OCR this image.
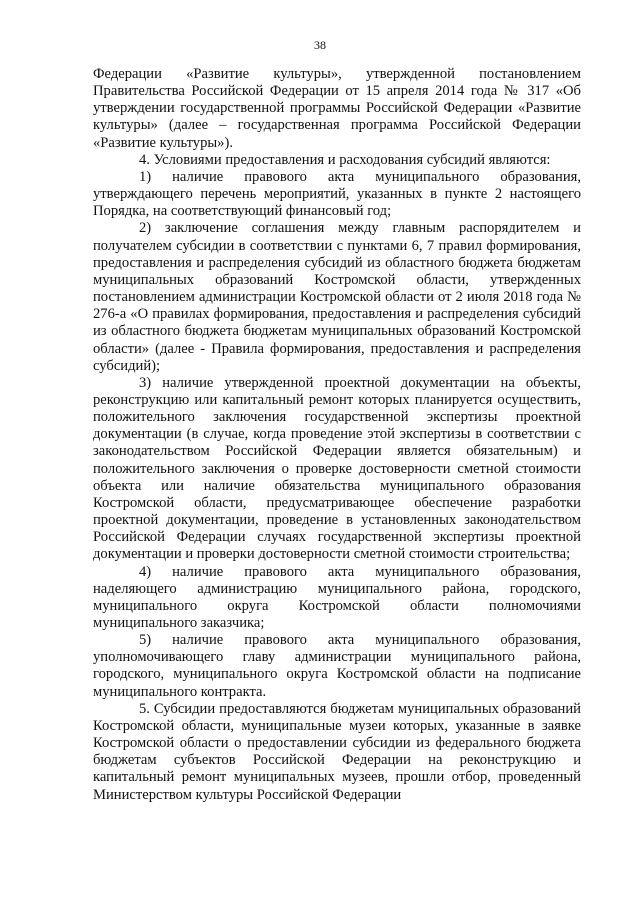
38

Федерации «Развитие культуры», утвержденной постановлением Правительства Российской Федерации от 15 апреля 2014 года № 317 «Об утверждении государственной программы Российской Федерации «Развитие культуры» (далее – государственная программа Российской Федерации «Развитие культуры»).

4. Условиями предоставления и расходования субсидий являются:

1) наличие правового акта муниципального образования, утверждающего перечень мероприятий, указанных в пункте 2 настоящего Порядка, на соответствующий финансовый год;

2) заключение соглашения между главным распорядителем и получателем субсидии в соответствии с пунктами 6, 7 правил формирования, предоставления и распределения субсидий из областного бюджета бюджетам муниципальных образований Костромской области, утвержденных постановлением администрации Костромской области от 2 июля 2018 года № 276-а «О правилах формирования, предоставления и распределения субсидий из областного бюджета бюджетам муниципальных образований Костромской области» (далее - Правила формирования, предоставления и распределения субсидий);

3) наличие утвержденной проектной документации на объекты, реконструкцию или капитальный ремонт которых планируется осуществить, положительного заключения государственной экспертизы проектной документации (в случае, когда проведение этой экспертизы в соответствии с законодательством Российской Федерации является обязательным) и положительного заключения о проверке достоверности сметной стоимости объекта или наличие обязательства муниципального образования Костромской области, предусматривающее обеспечение разработки проектной документации, проведение в установленных законодательством Российской Федерации случаях государственной экспертизы проектной документации и проверки достоверности сметной стоимости строительства;

4) наличие правового акта муниципального образования, наделяющего администрацию муниципального района, городского, муниципального округа Костромской области полномочиями муниципального заказчика;

5) наличие правового акта муниципального образования, уполномочивающего главу администрации муниципального района, городского, муниципального округа Костромской области на подписание муниципального контракта.

5. Субсидии предоставляются бюджетам муниципальных образований Костромской области, муниципальные музеи которых, указанные в заявке Костромской области о предоставлении субсидии из федерального бюджета бюджетам субъектов Российской Федерации на реконструкцию и капитальный ремонт муниципальных музеев, прошли отбор, проведенный Министерством культуры Российской Федерации
